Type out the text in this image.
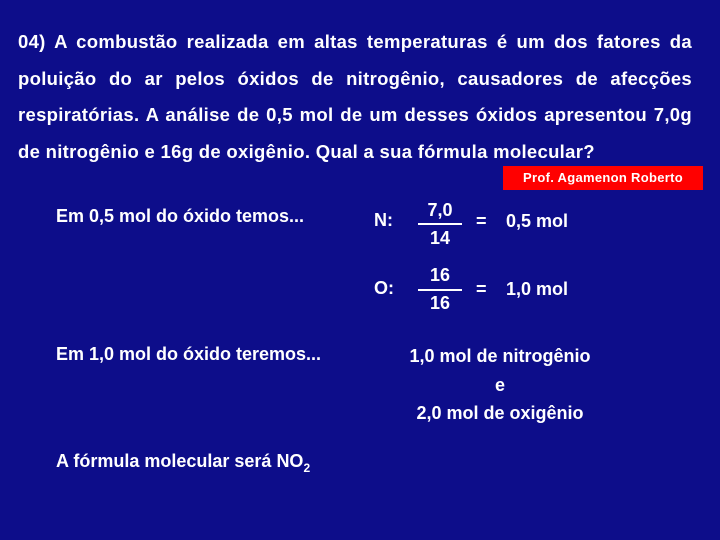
04) A combustão realizada em altas temperaturas é um dos fatores da poluição do ar pelos óxidos de nitrogênio, causadores de afecções respiratórias. A análise de 0,5 mol de um desses óxidos apresentou 7,0g de nitrogênio e 16g de oxigênio. Qual a sua fórmula molecular?
Prof. Agamenon Roberto
Em 0,5 mol do óxido temos...	N:	7,0
14
= 0,5 mol
O:
16
16
= 1,0 mol
Em 1,0 mol do óxido teremos...	1,0 mol de nitrogênio
e
2,0 mol de oxigênio
A fórmula molecular será $NO_2$
